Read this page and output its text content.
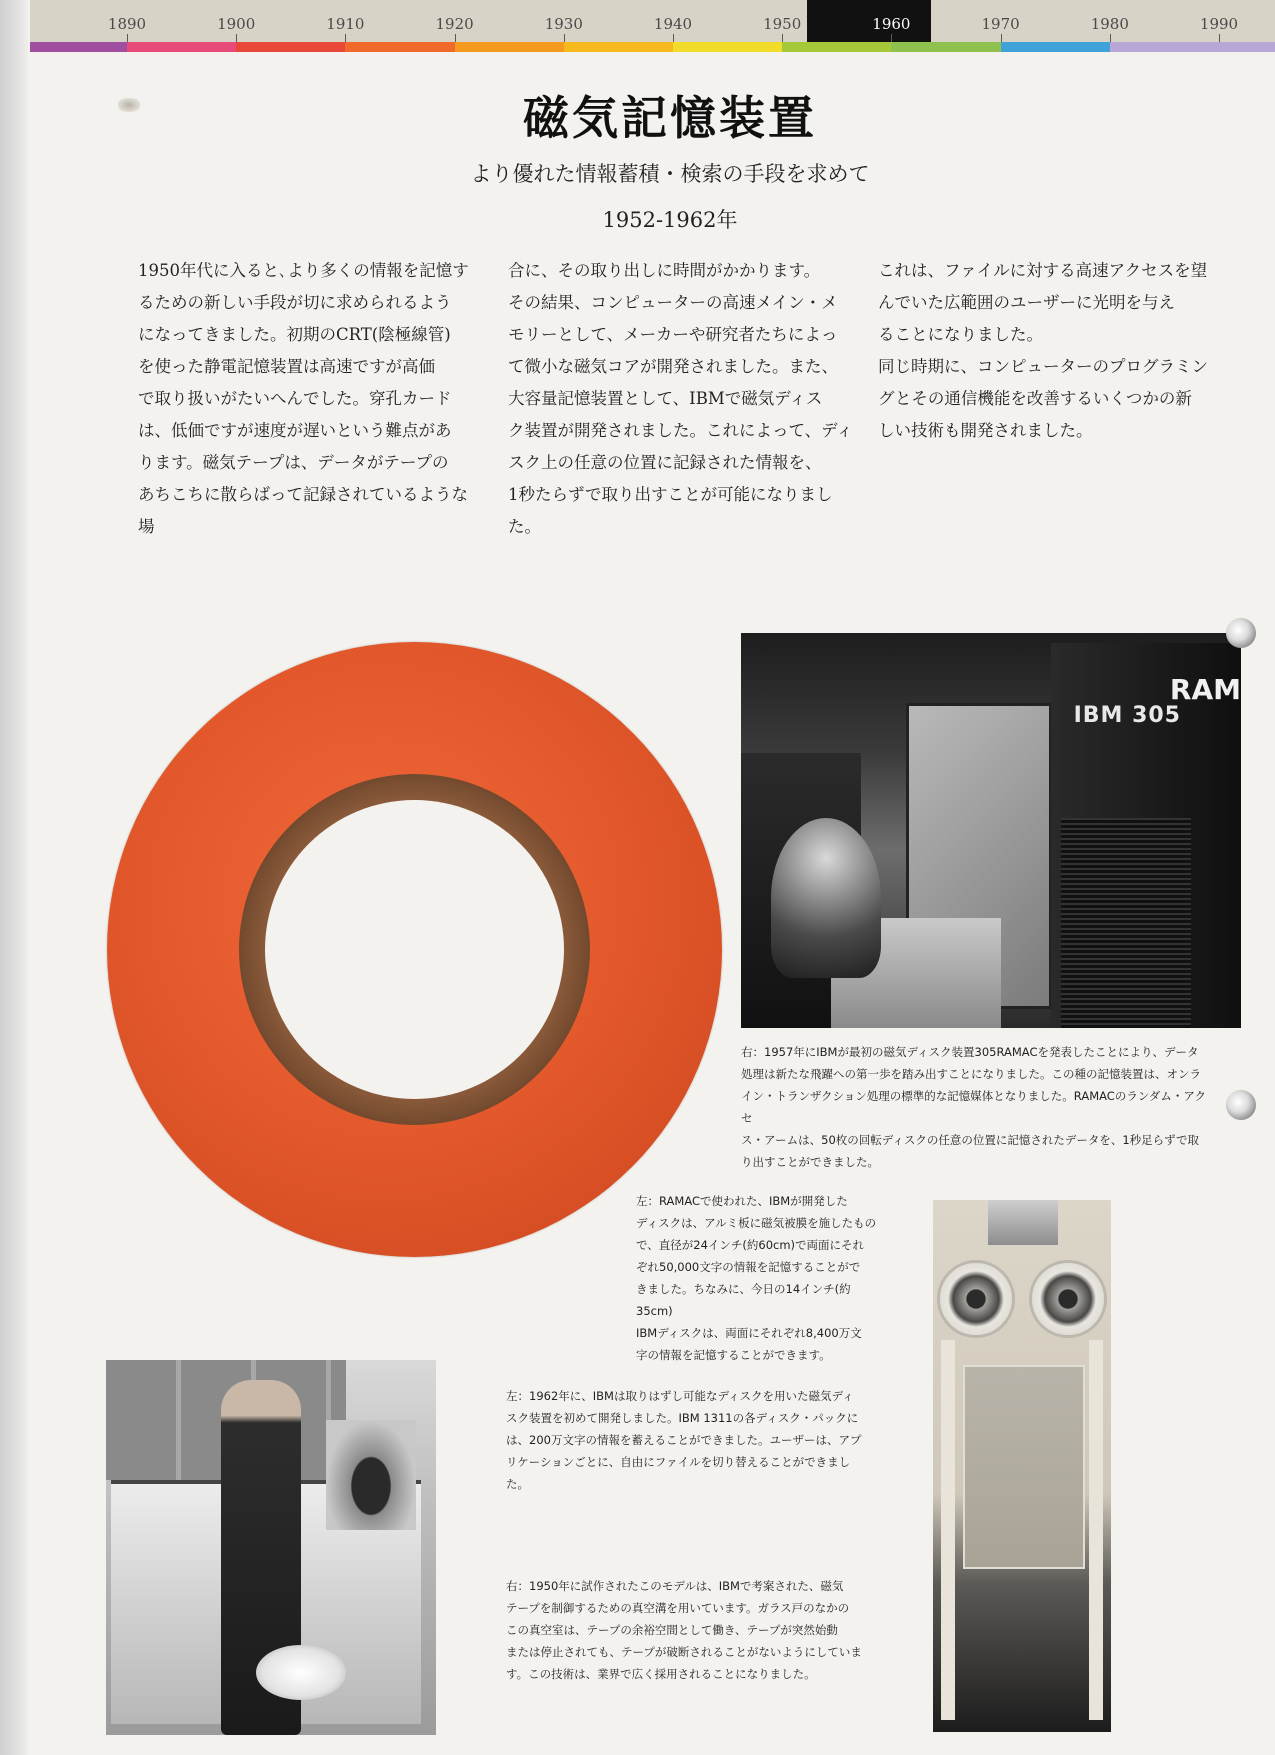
1890	1900	1910	1920	1930	1940	1950	1960	1970	1980	1990
磁気記憶装置
より優れた情報蓄積・検索の手段を求めて
1952-1962年

1950年代に入ると､より多くの情報を記憶す
るための新しい手段が切に求められるよう
になってきました。初期のCRT(陰極線管)
を使った静電記憶装置は高速ですが高価
で取り扱いがたいへんでした。穿孔カード
は、低価ですが速度が遅いという難点があ
ります。磁気テープは、データがテープの
あちこちに散らばって記録されているような場

合に、その取り出しに時間がかかります。
その結果、コンピューターの高速メイン・メ
モリーとして、メーカーや研究者たちによっ
て微小な磁気コアが開発されました。また、
大容量記憶装置として、IBMで磁気ディス
ク装置が開発されました。これによって、ディ
スク上の任意の位置に記録された情報を、
1秒たらずで取り出すことが可能になりました。

これは、ファイルに対する高速アクセスを望
んでいた広範囲のユーザーに光明を与え
ることになりました。
同じ時期に、コンピューターのプログラミン
グとその通信機能を改善するいくつかの新
しい技術も開発されました。

IBM 305
RAM

右：1957年にIBMが最初の磁気ディスク装置305RAMACを発表したことにより、データ
処理は新たな飛躍への第一歩を踏み出すことになりました。この種の記憶装置は、オンラ
イン・トランザクション処理の標準的な記憶媒体となりました。RAMACのランダム・アクセ
ス・アームは、50枚の回転ディスクの任意の位置に記憶されたデータを、1秒足らずで取
り出すことができました。

左：RAMACで使われた、IBMが開発した
ディスクは、アルミ板に磁気被膜を施したもの
で、直径が24インチ(約60cm)で両面にそれ
ぞれ50,000文字の情報を記憶することがで
きました。ちなみに、今日の14インチ(約35cm)
IBMディスクは、両面にそれぞれ8,400万文
字の情報を記憶することができます。

左：1962年に、IBMは取りはずし可能なディスクを用いた磁気ディ
スク装置を初めて開発しました。IBM 1311の各ディスク・パックに
は、200万文字の情報を蓄えることができました。ユーザーは、アプ
リケーションごとに、自由にファイルを切り替えることができました。

右：1950年に試作されたこのモデルは、IBMで考案された、磁気
テープを制御するための真空溝を用いています。ガラス戸のなかの
この真空室は、テープの余裕空間として働き、テープが突然始動
または停止されても、テープが破断されることがないようにしていま
す。この技術は、業界で広く採用されることになりました。
